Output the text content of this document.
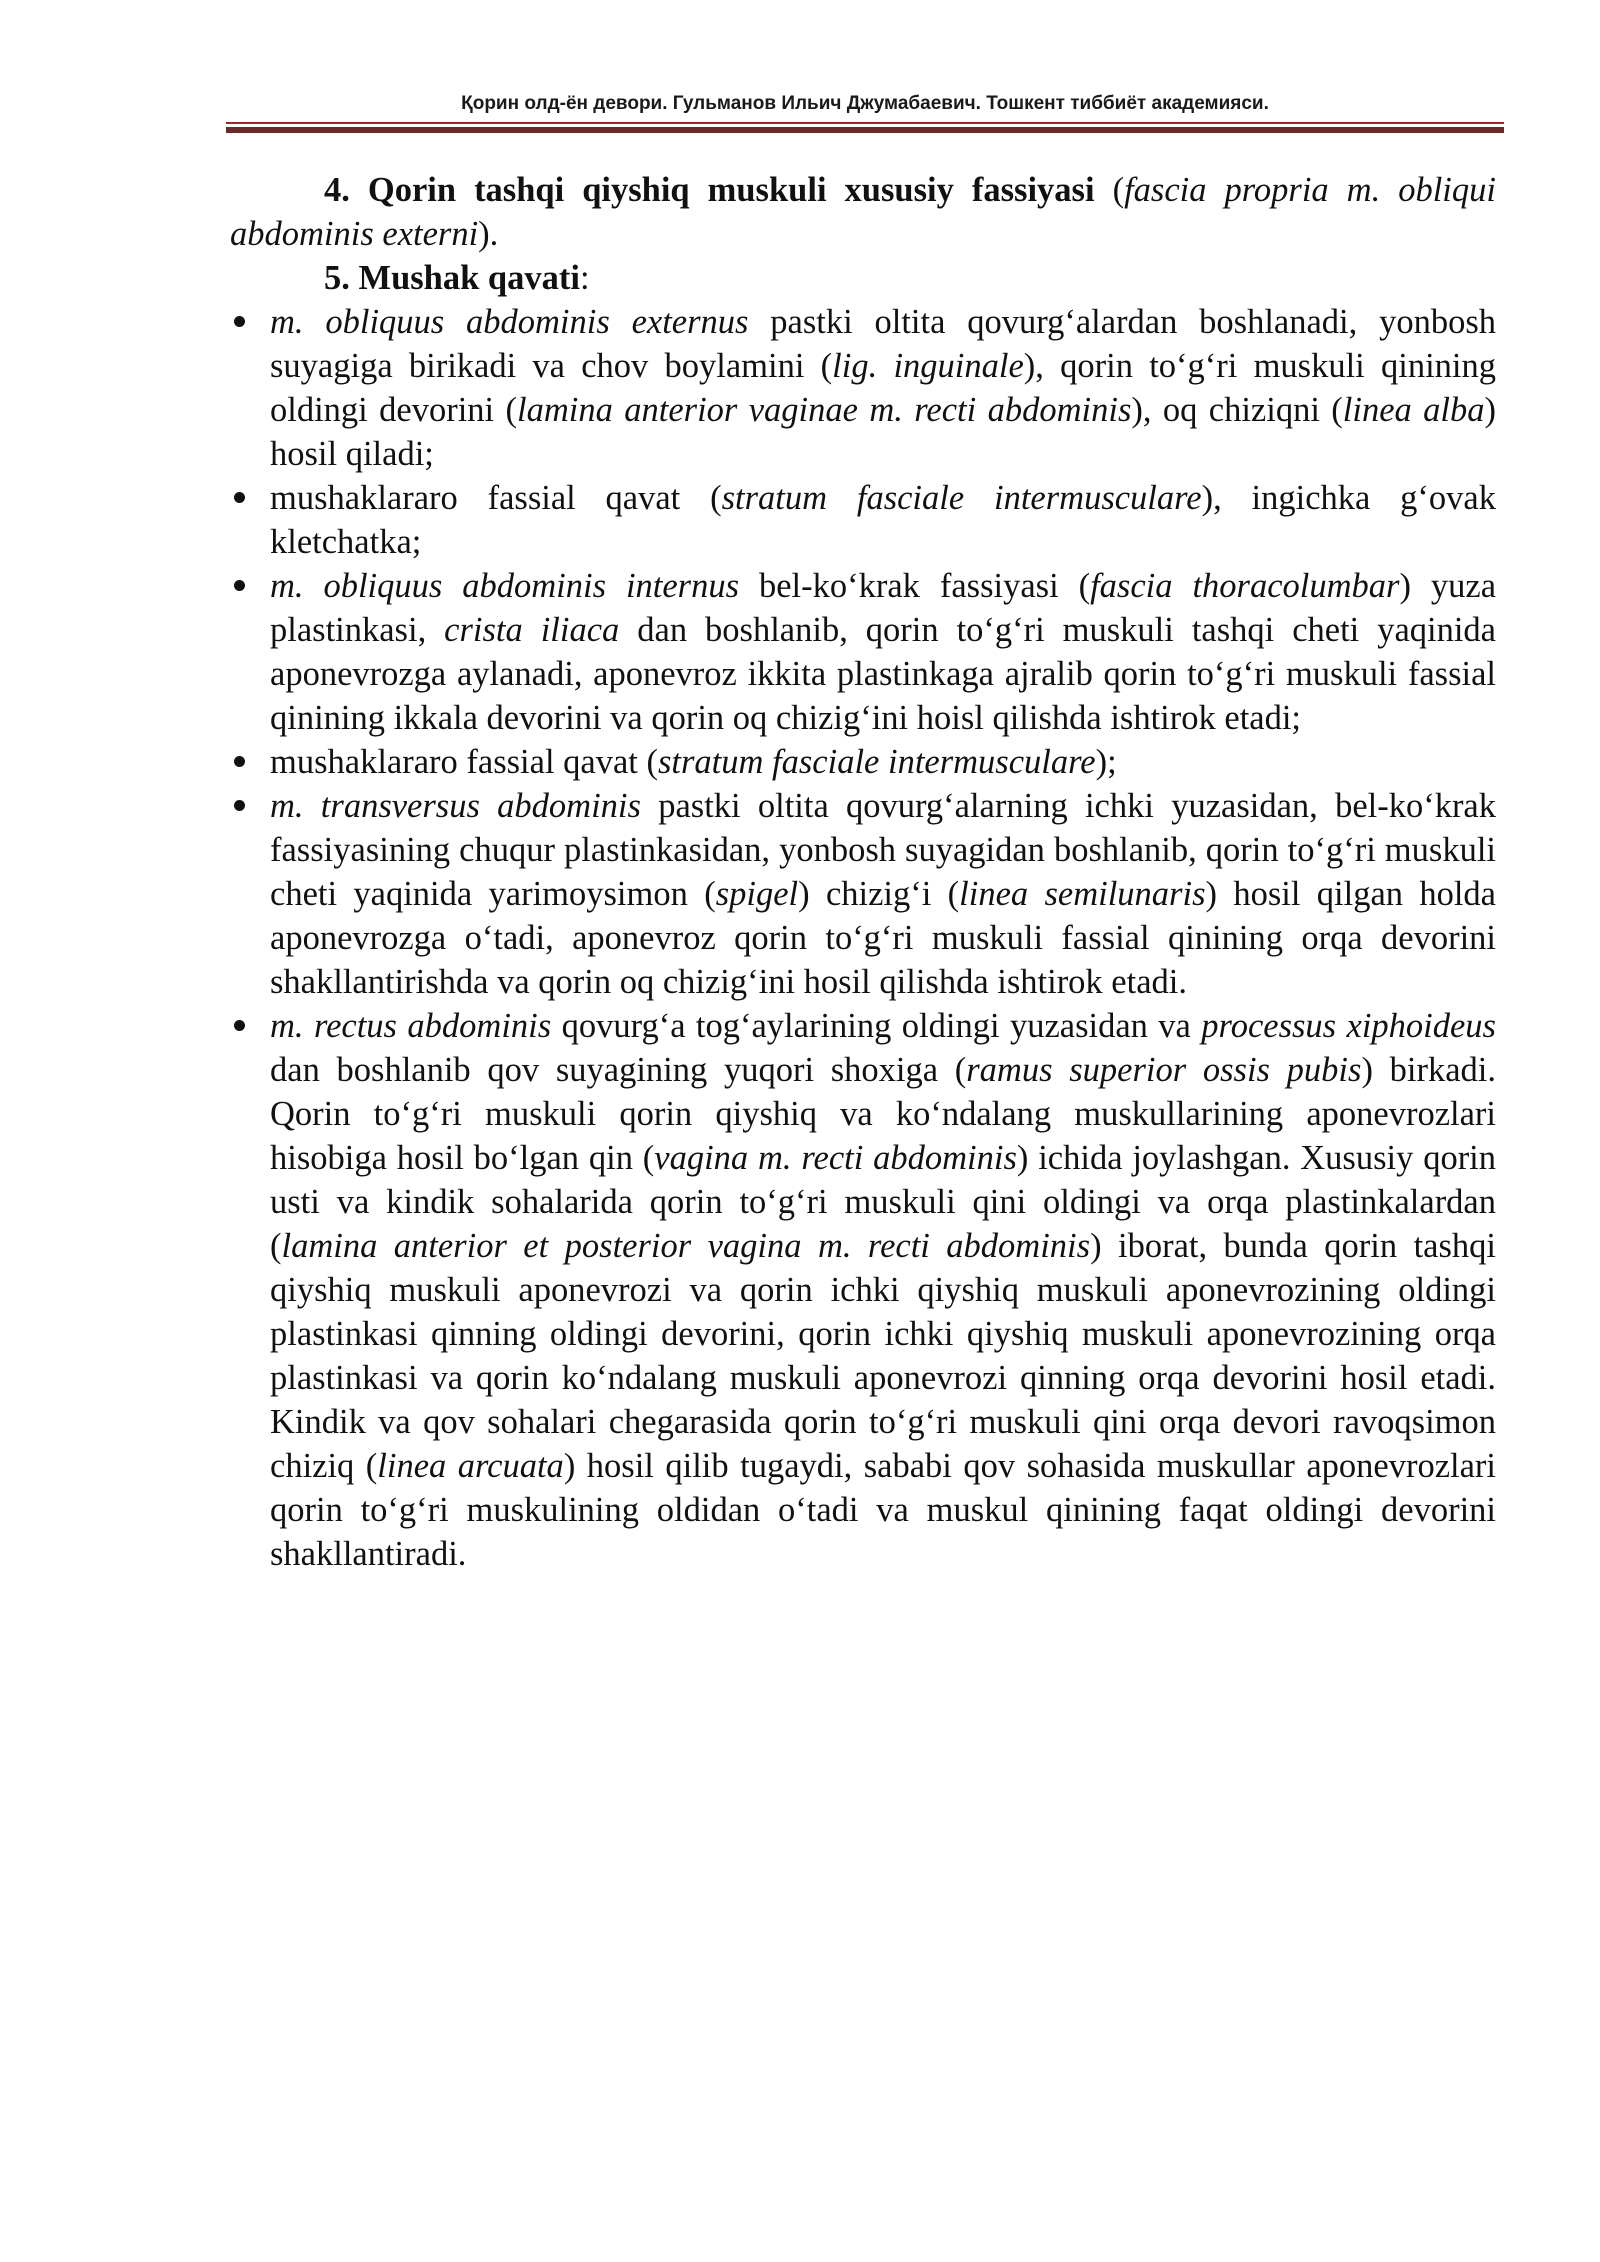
Қорин олд-ён девори. Гульманов Ильич Джумабаевич. Тошкент тиббиёт академияси.

4. Qorin tashqi qiyshiq muskuli xususiy fassiyasi (fascia propria m. obliqui abdominis externi).

5. Mushak qavati:

m. obliquus abdominis externus pastki oltita qovurg‘alardan boshlanadi, yonbosh suyagiga birikadi va chov boylamini (lig. inguinale), qorin to‘g‘ri muskuli qinining oldingi devorini (lamina anterior vaginae m. recti abdominis), oq chiziqni (linea alba) hosil qiladi;
mushaklararo fassial qavat (stratum fasciale intermusculare), ingichka g‘ovak kletchatka;
m. obliquus abdominis internus bel-ko‘krak fassiyasi (fascia thoracolumbar) yuza plastinkasi, crista iliaca dan boshlanib, qorin to‘g‘ri muskuli tashqi cheti yaqinida aponevrozga aylanadi, aponevroz ikkita plastinkaga ajralib qorin to‘g‘ri muskuli fassial qinining ikkala devorini va qorin oq chizig‘ini hoisl qilishda ishtirok etadi;
mushaklararo fassial qavat (stratum fasciale intermusculare);
m. transversus abdominis pastki oltita qovurg‘alarning ichki yuzasidan, bel-ko‘krak fassiyasining chuqur plastinkasidan, yonbosh suyagidan boshlanib, qorin to‘g‘ri muskuli cheti yaqinida yarimoysimon (spigel) chizig‘i (linea semilunaris) hosil qilgan holda aponevrozga o‘tadi, aponevroz qorin to‘g‘ri muskuli fassial qinining orqa devorini shakllantirishda va qorin oq chizig‘ini hosil qilishda ishtirok etadi.
m. rectus abdominis qovurg‘a tog‘aylarining oldingi yuzasidan va processus xiphoideus dan boshlanib qov suyagining yuqori shoxiga (ramus superior ossis pubis) birkadi. Qorin to‘g‘ri muskuli qorin qiyshiq va ko‘ndalang muskullarining aponevrozlari hisobiga hosil bo‘lgan qin (vagina m. recti abdominis) ichida joylashgan. Xususiy qorin usti va kindik sohalarida qorin to‘g‘ri muskuli qini oldingi va orqa plastinkalardan (lamina anterior et posterior vagina m. recti abdominis) iborat, bunda qorin tashqi qiyshiq muskuli aponevrozi va qorin ichki qiyshiq muskuli aponevrozining oldingi plastinkasi qinning oldingi devorini, qorin ichki qiyshiq muskuli aponevrozining orqa plastinkasi va qorin ko‘ndalang muskuli aponevrozi qinning orqa devorini hosil etadi. Kindik va qov sohalari chegarasida qorin to‘g‘ri muskuli qini orqa devori ravoqsimon chiziq (linea arcuata) hosil qilib tugaydi, sababi qov sohasida muskullar aponevrozlari qorin to‘g‘ri muskulining oldidan o‘tadi va muskul qinining faqat oldingi devorini shakllantiradi.
